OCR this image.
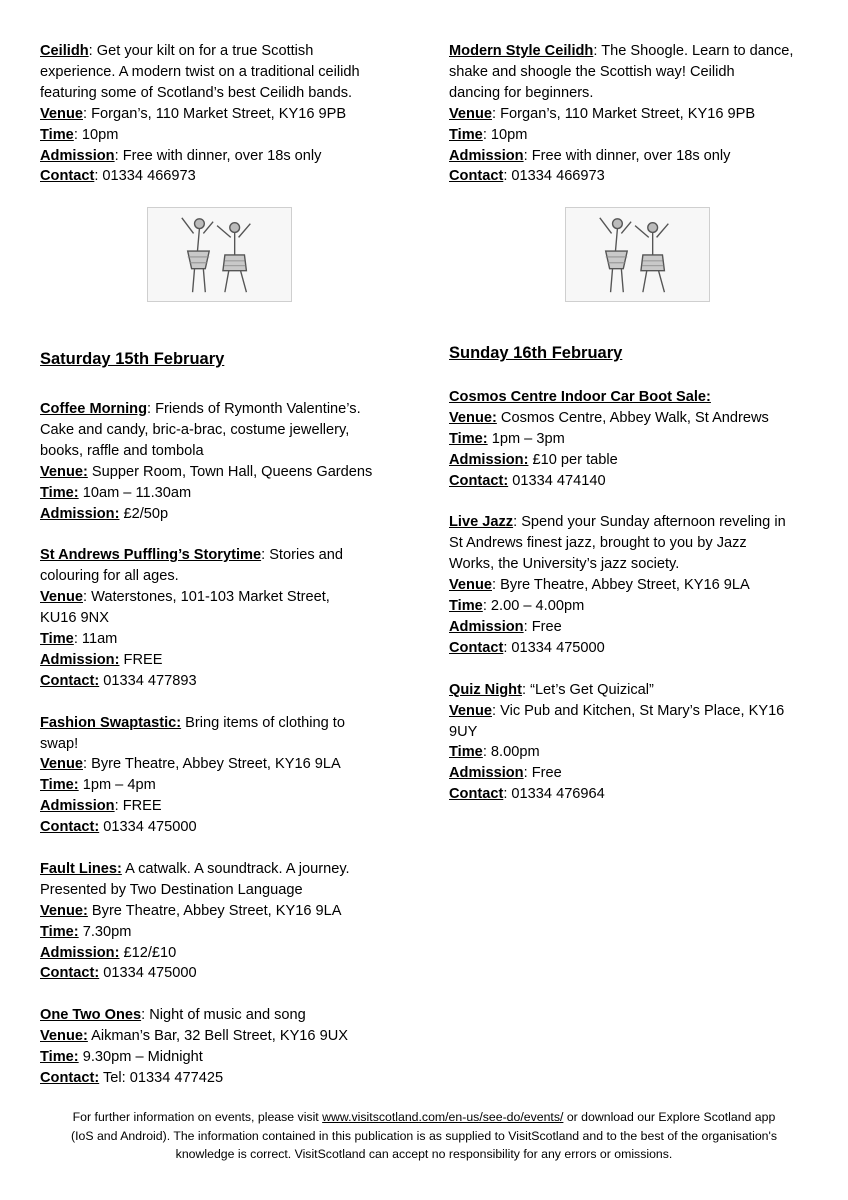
Ceilidh: Get your kilt on for a true Scottish
experience. A modern twist on a traditional ceilidh
featuring some of Scotland’s best Ceilidh bands.
Venue: Forgan’s, 110 Market Street, KY16 9PB
Time: 10pm
Admission: Free with dinner, over 18s only
Contact: 01334 466973
Modern Style Ceilidh: The Shoogle. Learn to dance,
shake and shoogle the Scottish way! Ceilidh
dancing for beginners.
Venue: Forgan’s, 110 Market Street, KY16 9PB
Time: 10pm
Admission: Free with dinner, over 18s only
Contact: 01334 466973
Saturday 15th February	Sunday 16th February
Coffee Morning: Friends of Rymonth Valentine’s.
Cake and candy, bric-a-brac, costume jewellery,
books, raffle and tombola
Venue: Supper Room, Town Hall, Queens Gardens
Time: 10am – 11.30am
Admission: £2/50p

St Andrews Puffling’s Storytime: Stories and
colouring for all ages.
Venue: Waterstones, 101-103 Market Street,
KU16 9NX
Time: 11am
Admission: FREE
Contact: 01334 477893

Fashion Swaptastic: Bring items of clothing to
swap!
Venue: Byre Theatre, Abbey Street, KY16 9LA
Time: 1pm – 4pm
Admission: FREE
Contact: 01334 475000

Fault Lines: A catwalk. A soundtrack. A journey.
Presented by Two Destination Language
Venue: Byre Theatre, Abbey Street, KY16 9LA
Time: 7.30pm
Admission: £12/£10
Contact: 01334 475000

One Two Ones: Night of music and song
Venue: Aikman’s Bar, 32 Bell Street, KY16 9UX
Time: 9.30pm – Midnight
Contact: Tel: 01334 477425
Cosmos Centre Indoor Car Boot Sale:
Venue: Cosmos Centre, Abbey Walk, St Andrews
Time: 1pm – 3pm
Admission: £10 per table
Contact: 01334 474140

Live Jazz: Spend your Sunday afternoon reveling in
St Andrews finest jazz, brought to you by Jazz
Works, the University’s jazz society.
Venue: Byre Theatre, Abbey Street, KY16 9LA
Time: 2.00 – 4.00pm
Admission: Free
Contact: 01334 475000

Quiz Night: “Let’s Get Quizical”
Venue: Vic Pub and Kitchen, St Mary’s Place, KY16
9UY
Time: 8.00pm
Admission: Free
Contact: 01334 476964
For further information on events, please visit www.visitscotland.com/en-us/see-do/events/ or download our Explore Scotland app
(IoS and Android). The information contained in this publication is as supplied to VisitScotland and to the best of the organisation's
knowledge is correct. VisitScotland can accept no responsibility for any errors or omissions.
